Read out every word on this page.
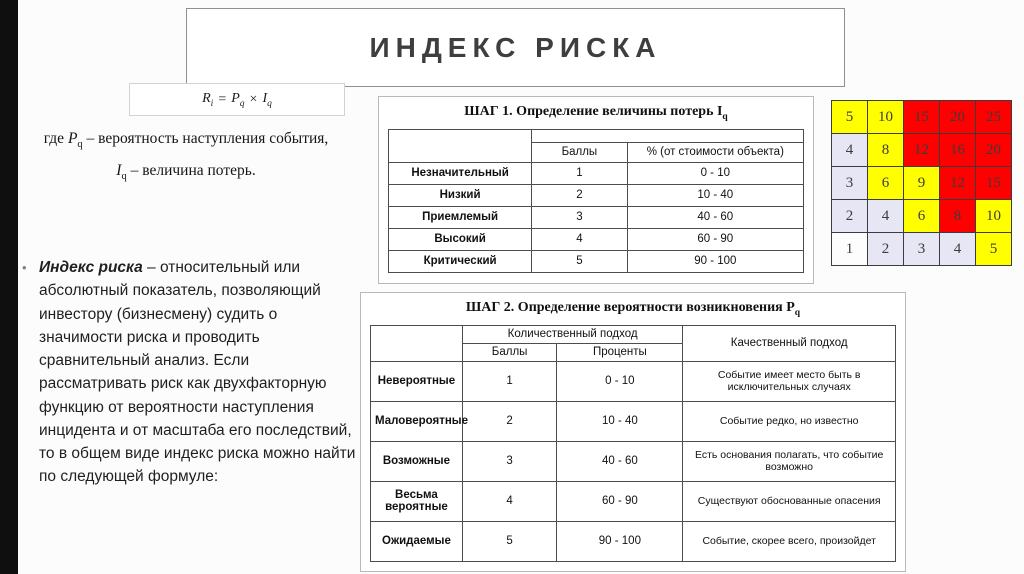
ИНДЕКС РИСКА
$R_i = P_q \times I_q$
где $P_q$ – вероятность наступления события,
$I_q$ – величина потерь.
• Индекс риска – относительный или абсолютный показатель, позволяющий инвестору (бизнесмену) судить о значимости риска и проводить сравнительный анализ. Если рассматривать риск как двухфакторную функцию от вероятности наступления инцидента и от масштаба его последствий, то в общем виде индекс риска можно найти по следующей формуле:
ШАГ 1. Определение величины потерь $I_q$

	Баллы	% (от стоимости объекта)
Незначительный	1	0 - 10
Низкий	2	10 - 40
Приемлемый	3	40 - 60
Высокий	4	60 - 90
Критический	5	90 - 100
ШАГ 2. Определение вероятности возникновения $P_q$
	Количественный подход		Качественный подход
	Баллы	Проценты	
Невероятные	1	0 - 10	Событие имеет место быть в исключительных случаях
Маловероятные	2	10 - 40	Событие редко, но известно
Возможные	3	40 - 60	Есть основания полагать, что событие возможно
Весьма вероятные	4	60 - 90	Существуют обоснованные опасения
Ожидаемые	5	90 - 100	Событие, скорее всего, произойдет
5	10	15	20	25
4	8	12	16	20
3	6	9	12	15
2	4	6	8	10
1	2	3	4	5
